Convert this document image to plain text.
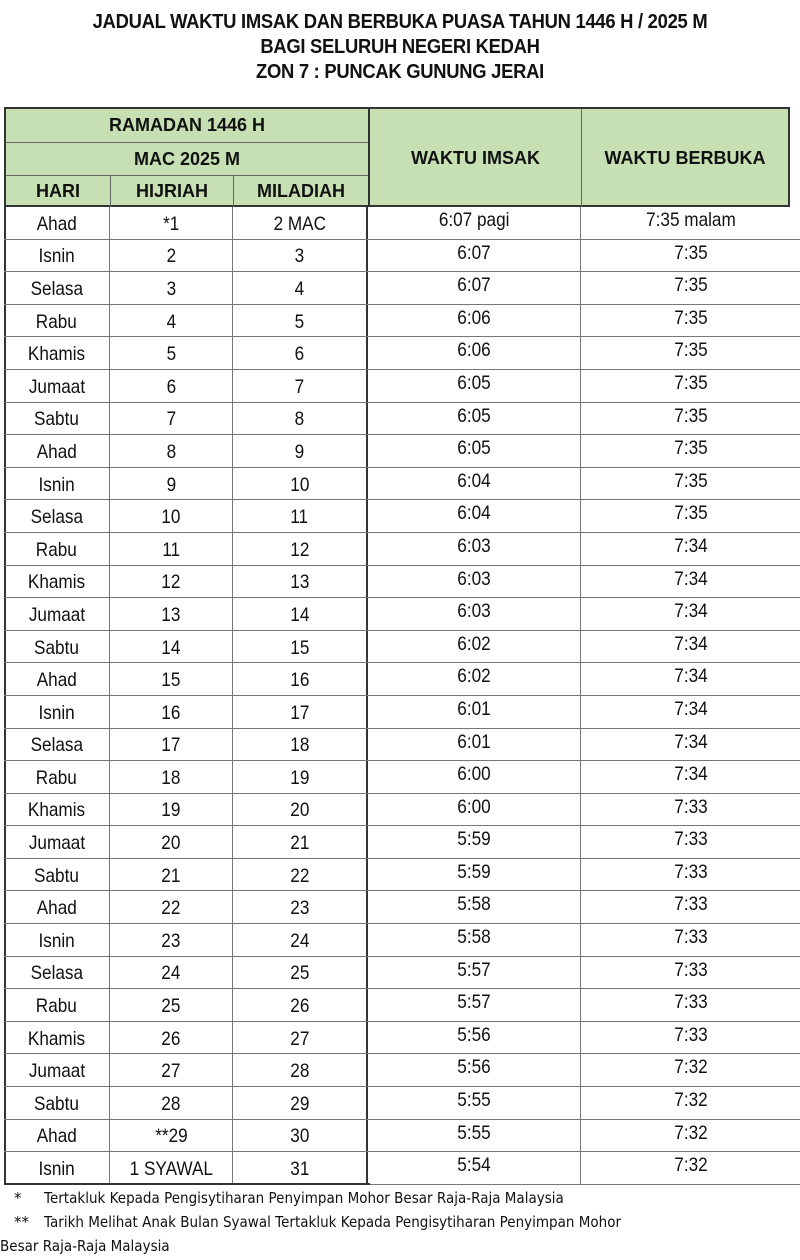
JADUAL WAKTU IMSAK DAN BERBUKA PUASA TAHUN 1446 H / 2025 M
BAGI SELURUH NEGERI KEDAH
ZON 7 : PUNCAK GUNUNG JERAI
RAMADAN 1446 H
MAC 2025 M
HARI	HIJRIAH	MILADIAH
WAKTU IMSAK	WAKTU BERBUKA
Ahad	*1	2 MAC	6:07 pagi	7:35 malam
Isnin	2	3	6:07	7:35
Selasa	3	4	6:07	7:35
Rabu	4	5	6:06	7:35
Khamis	5	6	6:06	7:35
Jumaat	6	7	6:05	7:35
Sabtu	7	8	6:05	7:35
Ahad	8	9	6:05	7:35
Isnin	9	10	6:04	7:35
Selasa	10	11	6:04	7:35
Rabu	11	12	6:03	7:34
Khamis	12	13	6:03	7:34
Jumaat	13	14	6:03	7:34
Sabtu	14	15	6:02	7:34
Ahad	15	16	6:02	7:34
Isnin	16	17	6:01	7:34
Selasa	17	18	6:01	7:34
Rabu	18	19	6:00	7:34
Khamis	19	20	6:00	7:33
Jumaat	20	21	5:59	7:33
Sabtu	21	22	5:59	7:33
Ahad	22	23	5:58	7:33
Isnin	23	24	5:58	7:33
Selasa	24	25	5:57	7:33
Rabu	25	26	5:57	7:33
Khamis	26	27	5:56	7:33
Jumaat	27	28	5:56	7:32
Sabtu	28	29	5:55	7:32
Ahad	**29	30	5:55	7:32
Isnin	1 SYAWAL	31	5:54	7:32
* Tertakluk Kepada Pengisytiharan Penyimpan Mohor Besar Raja-Raja Malaysia
** Tarikh Melihat Anak Bulan Syawal Tertakluk Kepada Pengisytiharan Penyimpan Mohor
Besar Raja-Raja Malaysia
